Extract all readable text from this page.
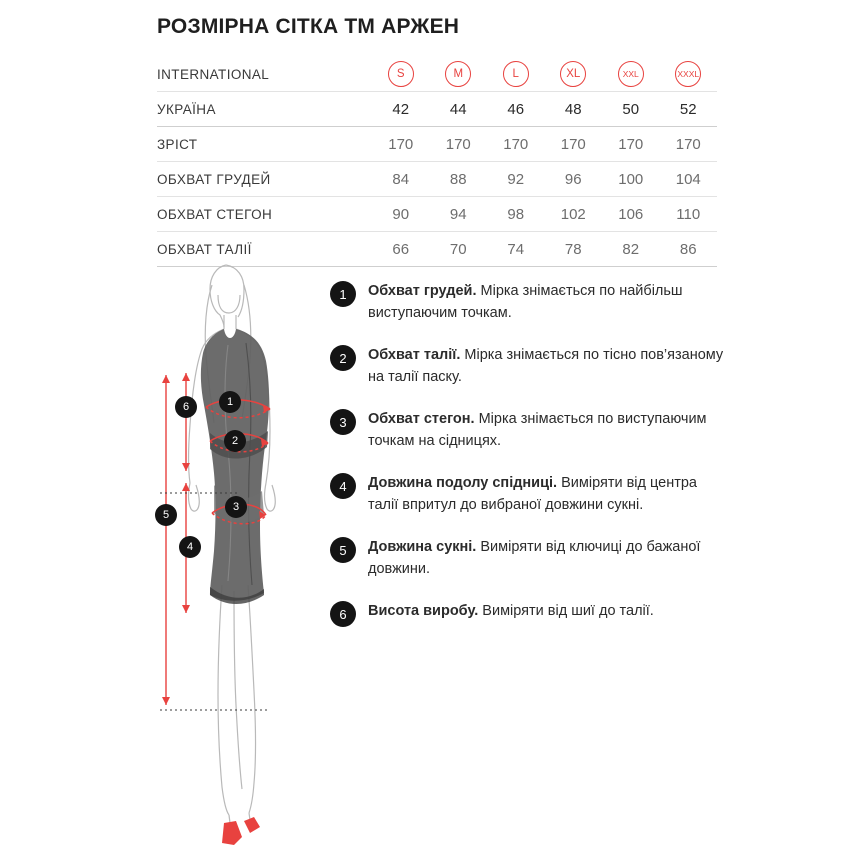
РОЗМІРНА СІТКА ТМ АРЖЕН
INTERNATIONAL	S	M	L	XL	XXL	XXXL
УКРАЇНА	42	44	46	48	50	52
ЗРІСТ	170	170	170	170	170	170
ОБХВАТ ГРУДЕЙ	84	88	92	96	100	104
ОБХВАТ СТЕГОН	90	94	98	102	106	110
ОБХВАТ ТАЛІЇ	66	70	74	78	82	86
6	1
2
3
4
5
1	Обхват грудей. Мірка знімається по найбільш виступаючим точкам.
2	Обхват талії. Мірка знімається по тісно пов’язаному на талії паску.
3	Обхват стегон. Мірка знімається по виступаючим точкам на сідницях.
4	Довжина подолу спідниці. Виміряти від центра талії впритул до вибраної довжини сукні.
5	Довжина сукні. Виміряти від ключиці до бажаної довжини.
6	Висота виробу. Виміряти від шиї до талії.
